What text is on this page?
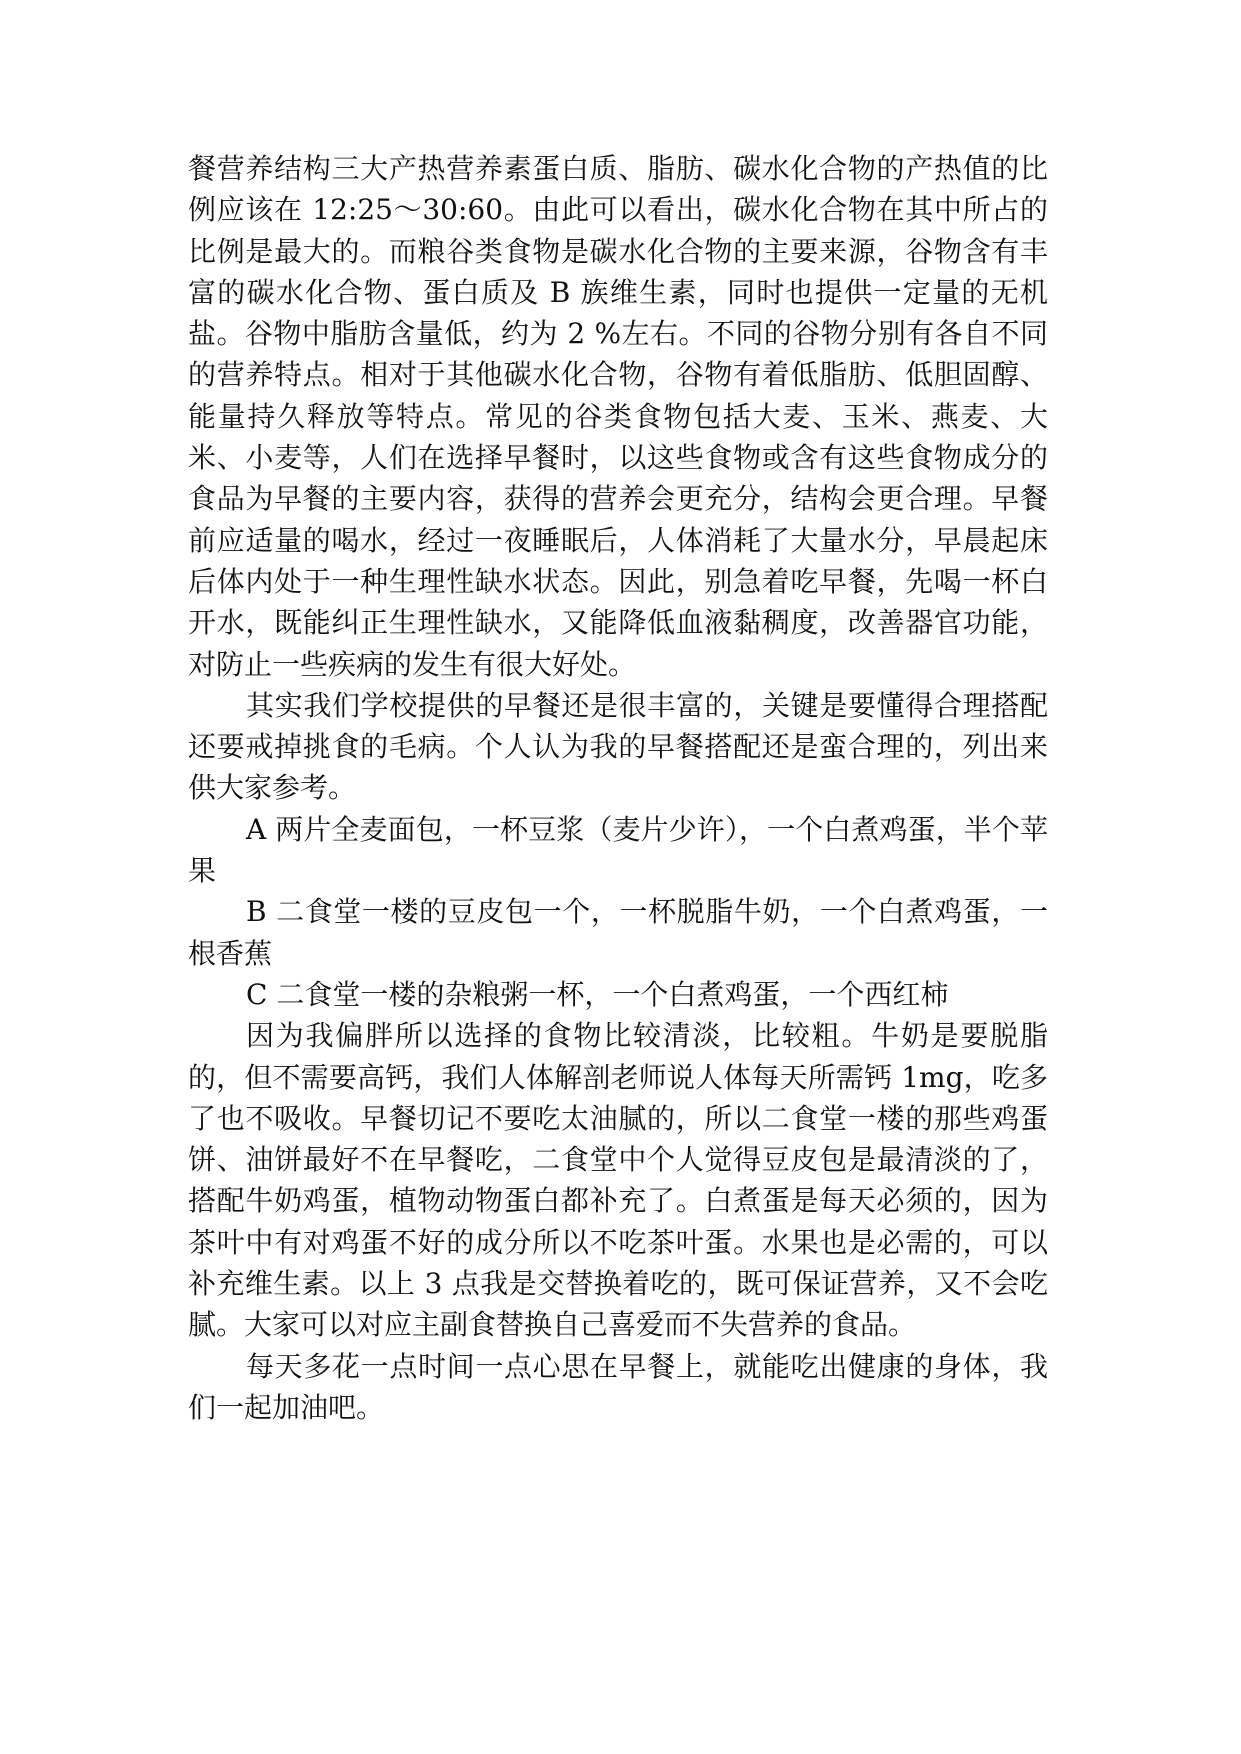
餐营养结构三大产热营养素蛋白质、脂肪、碳水化合物的产热值的比例应该在 12:25～30:60。由此可以看出，碳水化合物在其中所占的比例是最大的。而粮谷类食物是碳水化合物的主要来源，谷物含有丰富的碳水化合物、蛋白质及 B 族维生素，同时也提供一定量的无机盐。谷物中脂肪含量低，约为 2 %左右。不同的谷物分别有各自不同的营养特点。相对于其他碳水化合物，谷物有着低脂肪、低胆固醇、能量持久释放等特点。常见的谷类食物包括大麦、玉米、燕麦、大米、小麦等，人们在选择早餐时，以这些食物或含有这些食物成分的食品为早餐的主要内容，获得的营养会更充分，结构会更合理。早餐前应适量的喝水，经过一夜睡眠后，人体消耗了大量水分，早晨起床后体内处于一种生理性缺水状态。因此，别急着吃早餐，先喝一杯白开水，既能纠正生理性缺水，又能降低血液黏稠度，改善器官功能，对防止一些疾病的发生有很大好处。

其实我们学校提供的早餐还是很丰富的，关键是要懂得合理搭配还要戒掉挑食的毛病。个人认为我的早餐搭配还是蛮合理的，列出来供大家参考。

A 两片全麦面包，一杯豆浆（麦片少许），一个白煮鸡蛋，半个苹果

B 二食堂一楼的豆皮包一个，一杯脱脂牛奶，一个白煮鸡蛋，一根香蕉

C 二食堂一楼的杂粮粥一杯，一个白煮鸡蛋，一个西红柿

因为我偏胖所以选择的食物比较清淡，比较粗。牛奶是要脱脂的，但不需要高钙，我们人体解剖老师说人体每天所需钙 1mg，吃多了也不吸收。早餐切记不要吃太油腻的，所以二食堂一楼的那些鸡蛋饼、油饼最好不在早餐吃，二食堂中个人觉得豆皮包是最清淡的了，搭配牛奶鸡蛋，植物动物蛋白都补充了。白煮蛋是每天必须的，因为茶叶中有对鸡蛋不好的成分所以不吃茶叶蛋。水果也是必需的，可以补充维生素。以上 3 点我是交替换着吃的，既可保证营养，又不会吃腻。大家可以对应主副食替换自己喜爱而不失营养的食品。

每天多花一点时间一点心思在早餐上，就能吃出健康的身体，我们一起加油吧。
